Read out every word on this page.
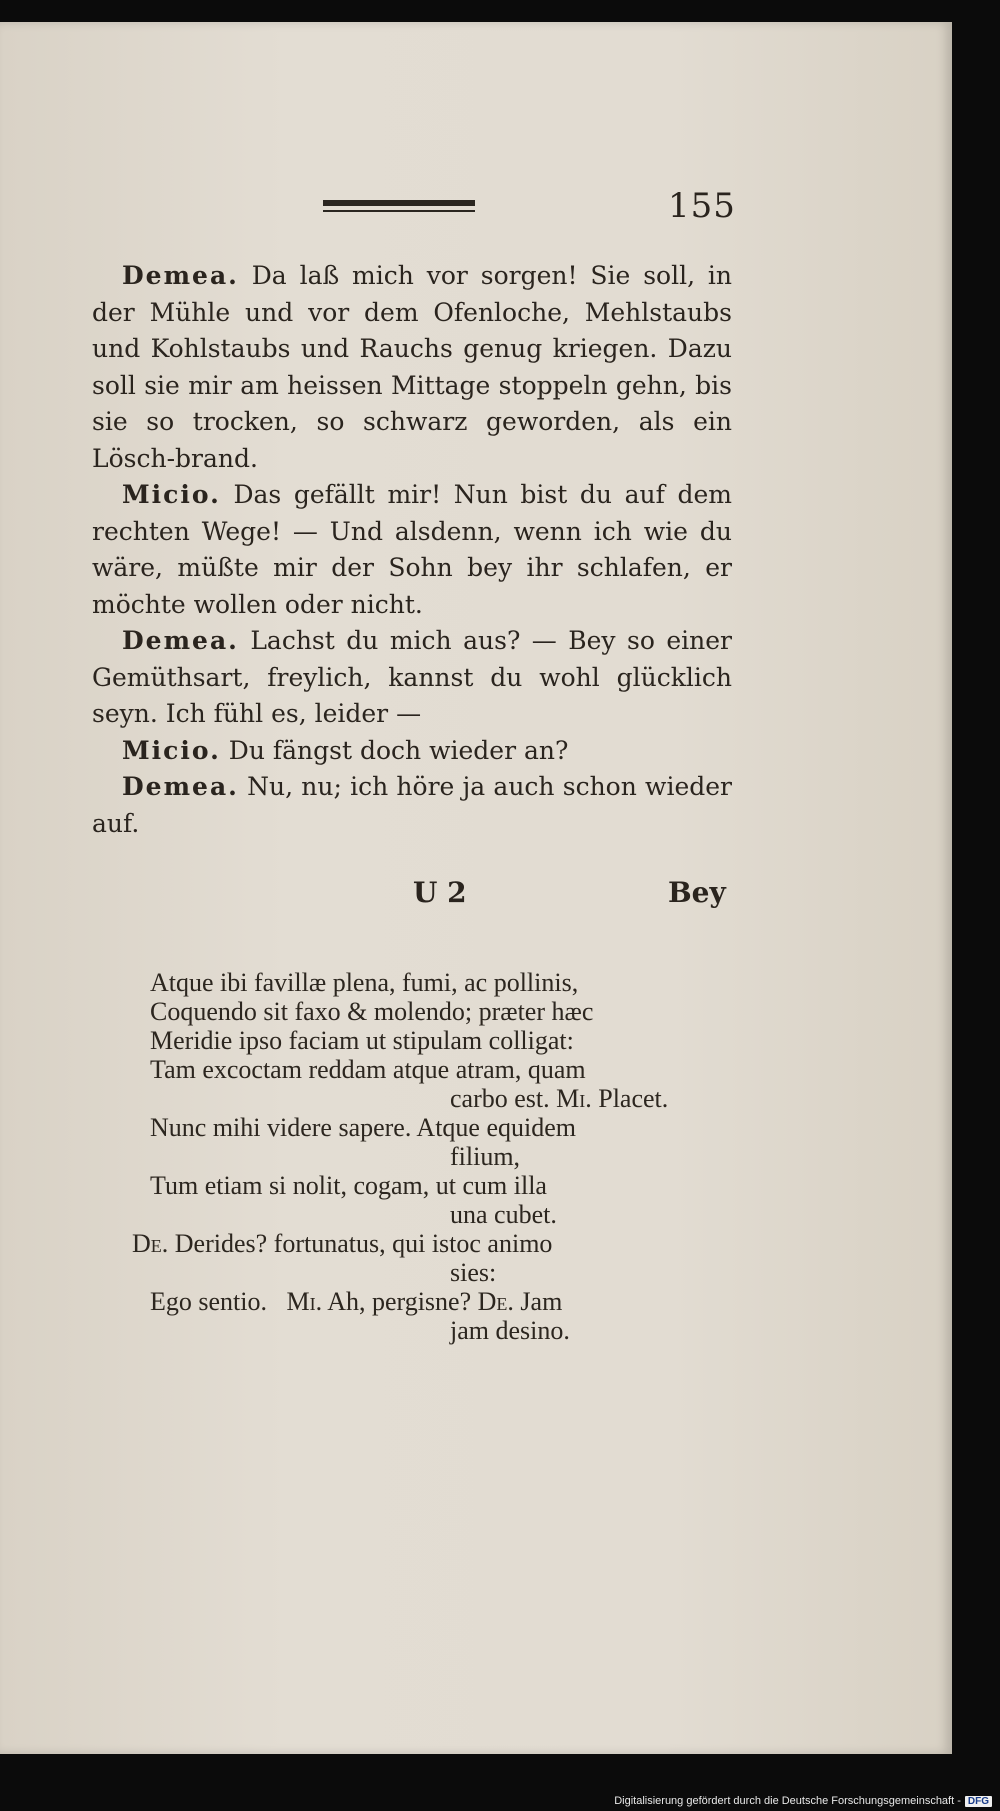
155

Demea. Da laß mich vor sorgen! Sie soll, in der Mühle und vor dem Ofenloche, Mehlstaubs und Kohlstaubs und Rauchs genug kriegen. Dazu soll sie mir am heissen Mittage stoppeln gehn, bis sie so trocken, so schwarz geworden, als ein Lösch-brand.

Micio. Das gefällt mir! Nun bist du auf dem rechten Wege! — Und alsdenn, wenn ich wie du wäre, müßte mir der Sohn bey ihr schlafen, er möchte wollen oder nicht.

Demea. Lachst du mich aus? — Bey so einer Gemüthsart, freylich, kannst du wohl glücklich seyn. Ich fühl es, leider —

Micio. Du fängst doch wieder an?

Demea. Nu, nu; ich höre ja auch schon wieder auf.

U 2	Bey
Atque ibi favillæ plena, fumi, ac pollinis,
Coquendo sit faxo & molendo; præter hæc
Meridie ipso faciam ut stipulam colligat:
Tam excoctam reddam atque atram, quam
carbo est. Mi. Placet.
Nunc mihi videre sapere. Atque equidem
filium,
Tum etiam si nolit, cogam, ut cum illa
una cubet.
De. Derides? fortunatus, qui istoc animo
sies:
Ego sentio. Mi. Ah, pergisne? De. Jam
jam desino.
Digitalisierung gefördert durch die Deutsche Forschungsgemeinschaft - DFG
